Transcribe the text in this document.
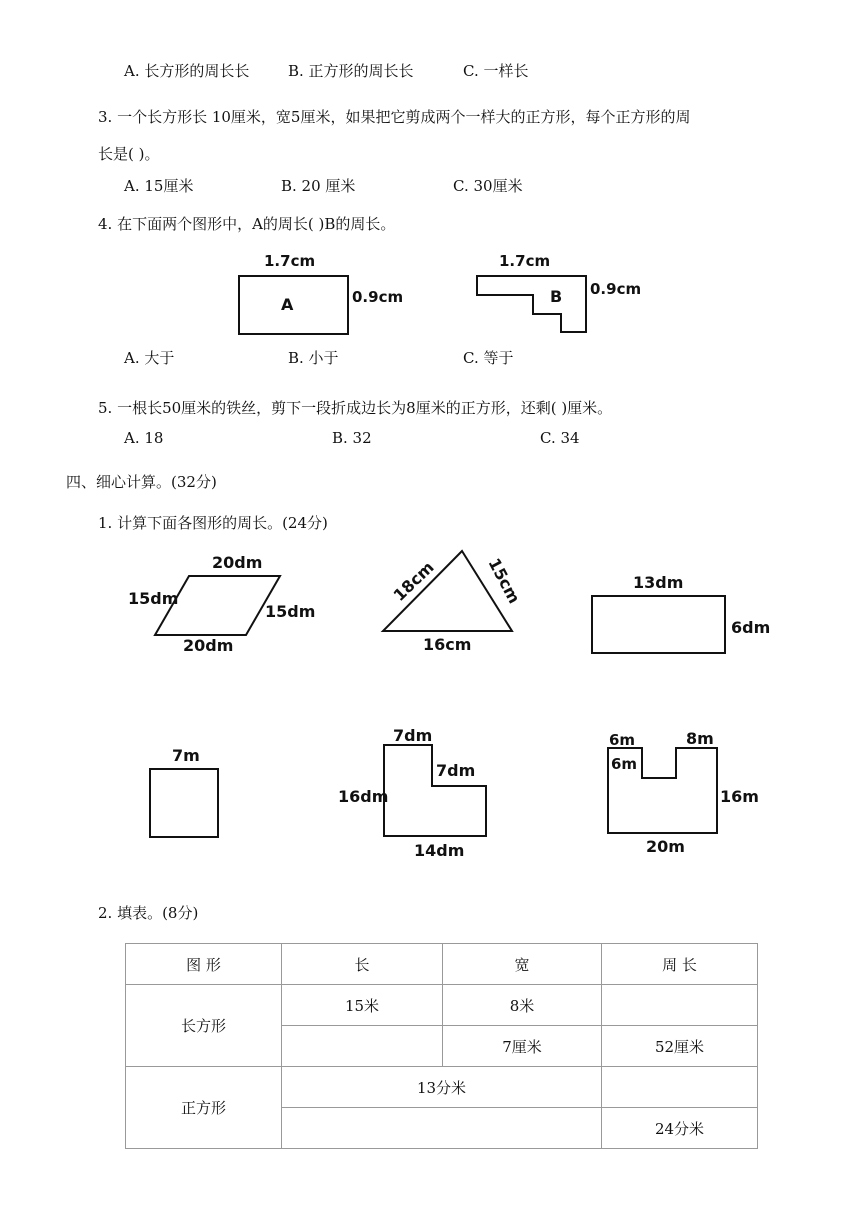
A. 长方形的周长长	B. 正方形的周长长	C. 一样长
3. 一个长方形长 10厘米，宽5厘米，如果把它剪成两个一样大的正方形，每个正方形的周
长是( )。
A. 15厘米	B. 20 厘米	C. 30厘米
4. 在下面两个图形中，A的周长( )B的周长。
1.7cm
0.9cm
A
1.7cm
0.9cm
B
A. 大于	B. 小于	C. 等于
5. 一根长50厘米的铁丝，剪下一段折成边长为8厘米的正方形，还剩( )厘米。
A. 18	B. 32	C. 34
四、细心计算。(32分)
1. 计算下面各图形的周长。(24分)
20dm
15dm
15dm
20dm
18cm	15cm
16cm
13dm
6dm
7m
7dm
7dm
16dm
14dm
6m
6m
8m
16m
20m
2. 填表。(8分)
图 形	长	宽	周 长
长方形	15米	8米	
		7厘米	52厘米
正方形	13分米		
			24分米
